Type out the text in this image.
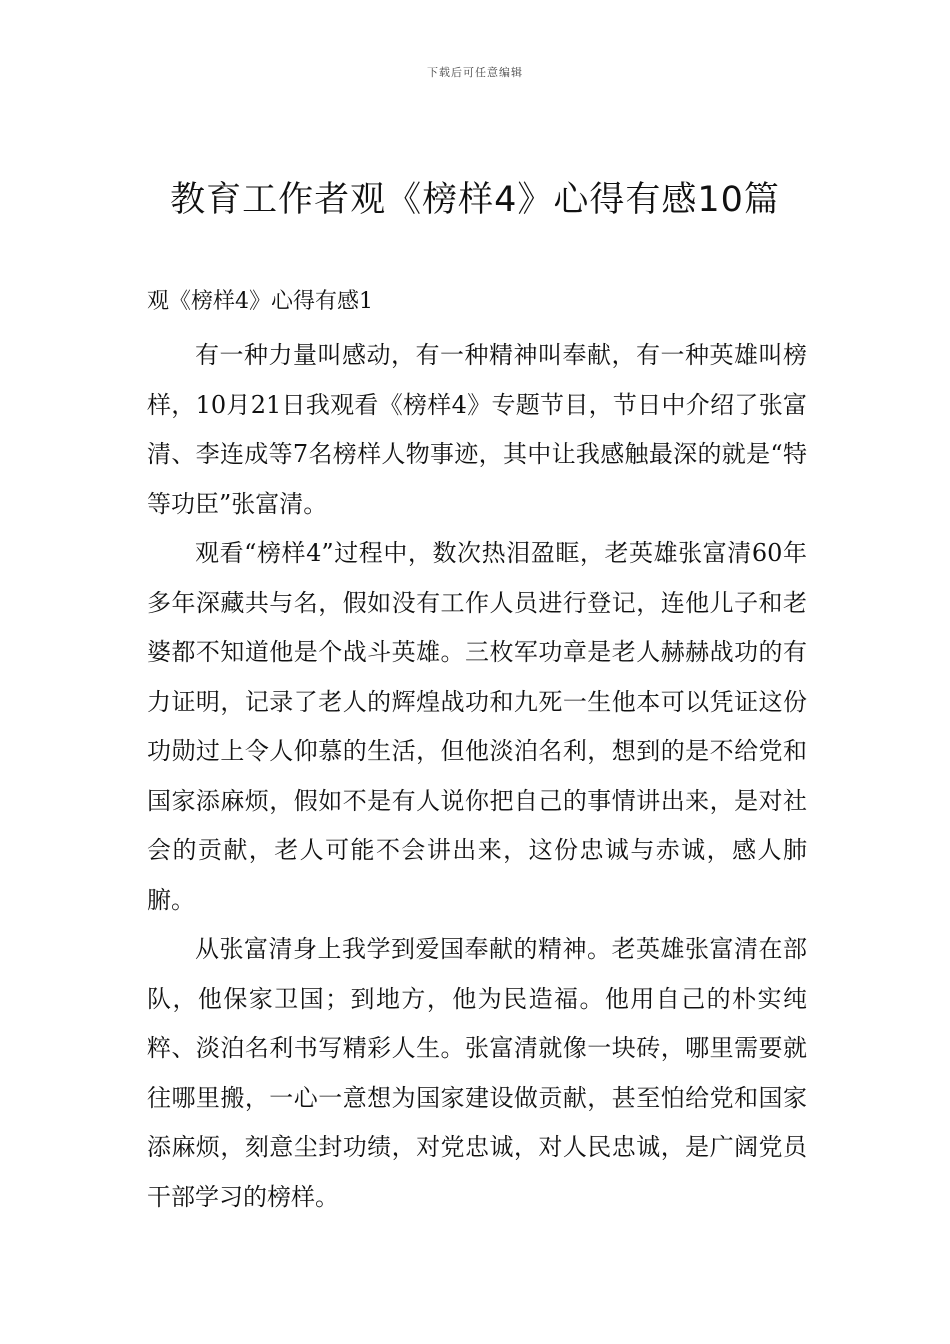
下载后可任意编辑
教育工作者观《榜样4》心得有感10篇
观《榜样4》心得有感1

有一种力量叫感动，有一种精神叫奉献，有一种英雄叫榜样，10月21日我观看《榜样4》专题节目，节日中介绍了张富清、李连成等7名榜样人物事迹，其中让我感触最深的就是“特等功臣”张富清。

观看“榜样4”过程中，数次热泪盈眶，老英雄张富清60年多年深藏共与名，假如没有工作人员进行登记，连他儿子和老婆都不知道他是个战斗英雄。三枚军功章是老人赫赫战功的有力证明，记录了老人的辉煌战功和九死一生他本可以凭证这份功勋过上令人仰慕的生活，但他淡泊名利，想到的是不给党和国家添麻烦，假如不是有人说你把自己的事情讲出来，是对社会的贡献，老人可能不会讲出来，这份忠诚与赤诚，感人肺腑。

从张富清身上我学到爱国奉献的精神。老英雄张富清在部队，他保家卫国；到地方，他为民造福。他用自己的朴实纯粹、淡泊名利书写精彩人生。张富清就像一块砖，哪里需要就往哪里搬，一心一意想为国家建设做贡献，甚至怕给党和国家添麻烦，刻意尘封功绩，对党忠诚，对人民忠诚，是广阔党员干部学习的榜样。
